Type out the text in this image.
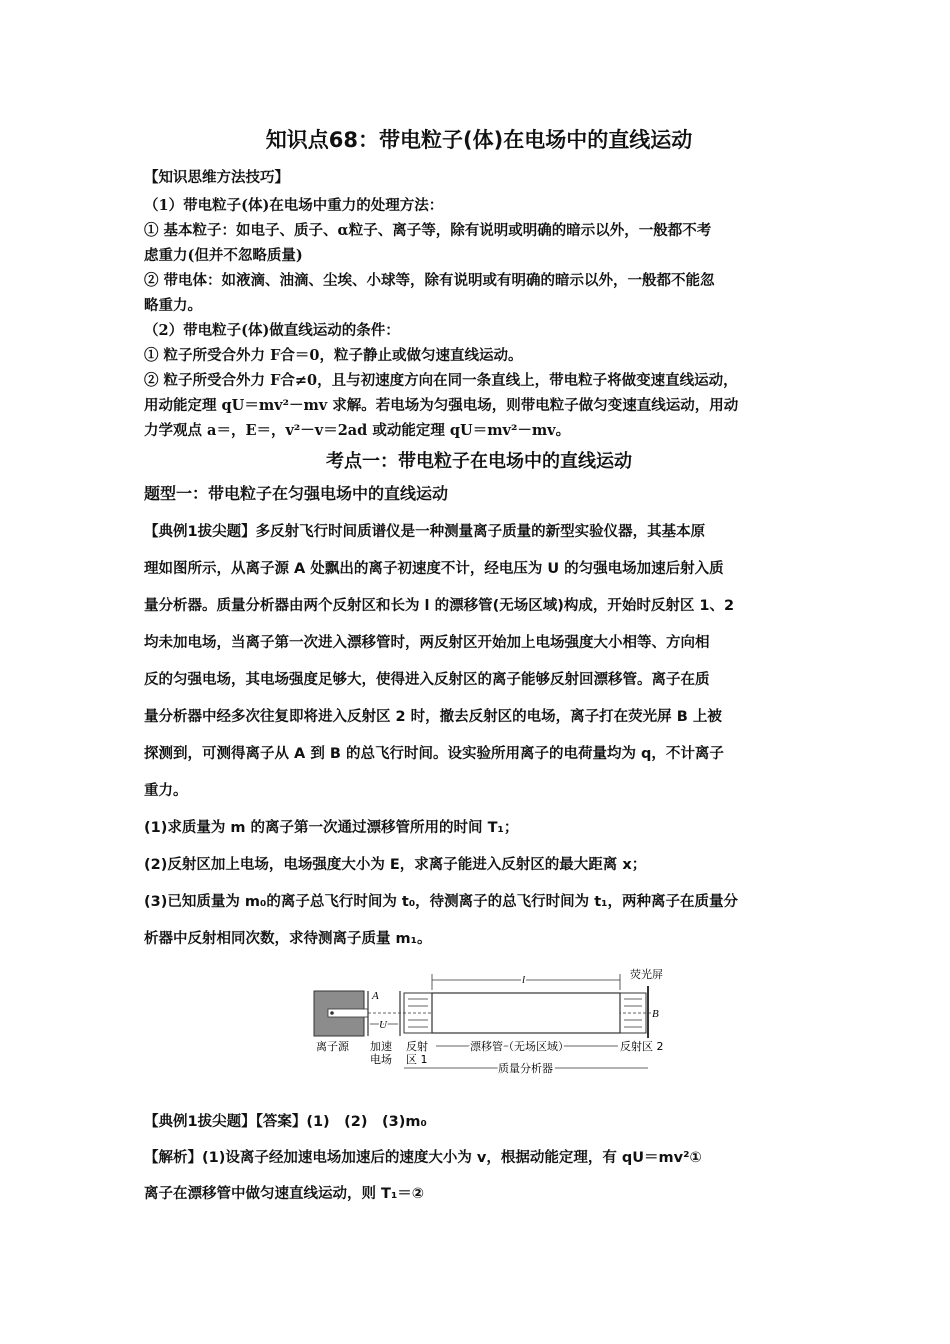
知识点68：带电粒子(体)在电场中的直线运动
【知识思维方法技巧】

（1）带电粒子(体)在电场中重力的处理方法：

① 基本粒子：如电子、质子、α粒子、离子等，除有说明或明确的暗示以外，一般都不考

虑重力(但并不忽略质量)

② 带电体：如液滴、油滴、尘埃、小球等，除有说明或有明确的暗示以外，一般都不能忽

略重力。

（2）带电粒子(体)做直线运动的条件：

① 粒子所受合外力 F合＝0，粒子静止或做匀速直线运动。

② 粒子所受合外力 F合≠0，且与初速度方向在同一条直线上，带电粒子将做变速直线运动，

用动能定理 qU＝mv²－mv 求解。若电场为匀强电场，则带电粒子做匀变速直线运动，用动

力学观点 a＝，E＝，v²－v＝2ad 或动能定理 qU＝mv²－mv。

考点一：带电粒子在电场中的直线运动
题型一：带电粒子在匀强电场中的直线运动

【典例1拔尖题】多反射飞行时间质谱仪是一种测量离子质量的新型实验仪器，其基本原

理如图所示，从离子源 A 处飘出的离子初速度不计，经电压为 U 的匀强电场加速后射入质

量分析器。质量分析器由两个反射区和长为 l 的漂移管(无场区域)构成，开始时反射区 1、2

均未加电场，当离子第一次进入漂移管时，两反射区开始加上电场强度大小相等、方向相

反的匀强电场，其电场强度足够大，使得进入反射区的离子能够反射回漂移管。离子在质

量分析器中经多次往复即将进入反射区 2 时，撤去反射区的电场，离子打在荧光屏 B 上被

探测到，可测得离子从 A 到 B 的总飞行时间。设实验所用离子的电荷量均为 q，不计离子

重力。

(1)求质量为 m 的离子第一次通过漂移管所用的时间 T₁；

(2)反射区加上电场，电场强度大小为 E，求离子能进入反射区的最大距离 x；

(3)已知质量为 m₀的离子总飞行时间为 t₀，待测离子的总飞行时间为 t₁，两种离子在质量分

析器中反射相同次数，求待测离子质量 m₁。

A
U
B
荧光屏
l
离子源 加速
电场
反射
区 1
漂移管（无场区域）	反射区 2
质量分析器

【典例1拔尖题】【答案】(1)　(2)　(3)m₀

【解析】(1)设离子经加速电场加速后的速度大小为 v，根据动能定理，有 qU＝mv²①

离子在漂移管中做匀速直线运动，则 T₁＝②
